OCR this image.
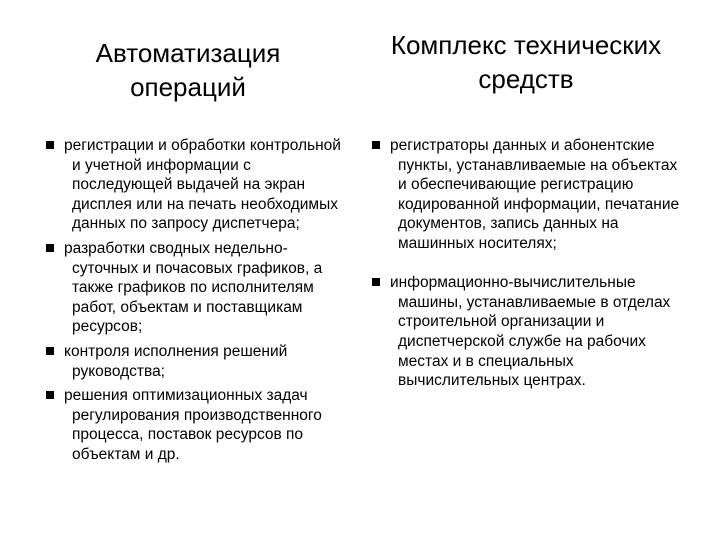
Автоматизация операций
Комплекс технических средств
регистрации и обработки контрольной и учетной информации с последующей выдачей на экран дисплея или на печать необходимых данных по запросу диспетчера;
разработки сводных недельно-суточных и почасовых графиков, а также графиков по исполнителям работ, объектам и поставщикам ресурсов;
контроля исполнения решений руководства;
решения оптимизационных задач регулирования производственного процесса, поставок ресурсов по объектам и др.
регистраторы данных и абонентские пункты, устанавливаемые на объектах и обеспечивающие регистрацию кодированной информации, печатание документов, запись данных на машинных носителях;
информационно-вычислительные машины, устанавливаемые в отделах строительной организации и диспетчерской службе на рабочих местах и в специальных вычислительных центрах.
